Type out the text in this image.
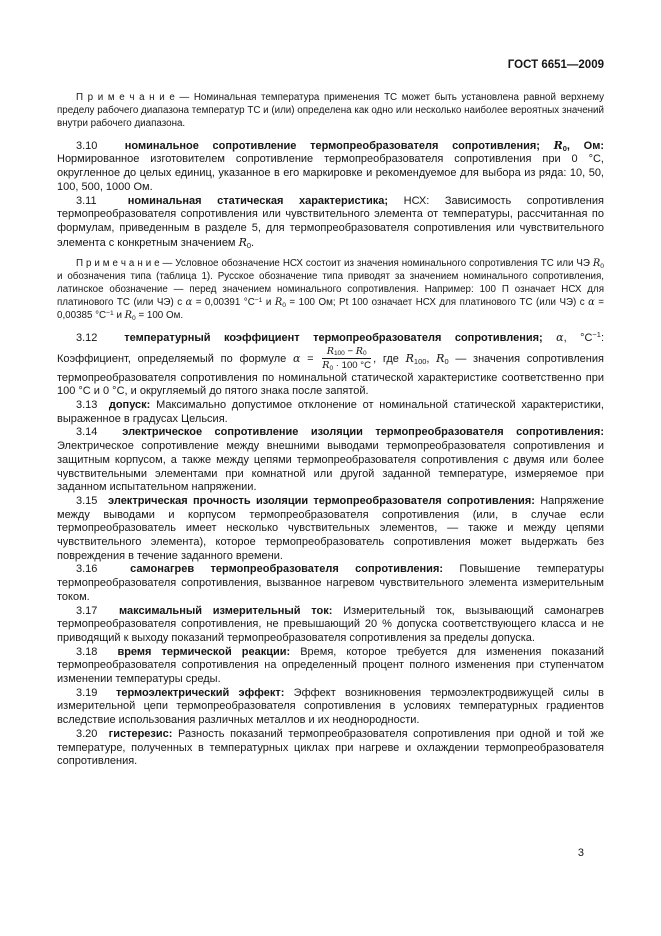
ГОСТ 6651—2009

П р и м е ч а н и е — Номинальная температура применения ТС может быть установлена равной верхнему пределу рабочего диапазона температур ТС и (или) определена как одно или несколько наиболее вероятных значений внутри рабочего диапазона.

3.10  номинальное сопротивление термопреобразователя сопротивления; $R_0$, Ом: Нормированное изготовителем сопротивление термопреобразователя сопротивления при 0 °С, округленное до целых единиц, указанное в его маркировке и рекомендуемое для выбора из ряда: 10, 50, 100, 500, 1000 Ом.

3.11  номинальная статическая характеристика; НСХ: Зависимость сопротивления термопреобразователя сопротивления или чувствительного элемента от температуры, рассчитанная по формулам, приведенным в разделе 5, для термопреобразователя сопротивления или чувствительного элемента с конкретным значением $R_0$.

П р и м е ч а н и е — Условное обозначение НСХ состоит из значения номинального сопротивления ТС или ЧЭ $R_0$ и обозначения типа (таблица 1). Русское обозначение типа приводят за значением номинального сопротивления, латинское обозначение — перед значением номинального сопротивления. Например: 100 П означает НСХ для платинового ТС (или ЧЭ) с α = 0,00391 $^\circ С^{-1}$ и $R_0 = 100$ Ом; Pt 100 означает НСХ для платинового ТС (или ЧЭ) с α = 0,00385 $^\circ С^{-1}$ и $R_0 = 100$ Ом.

3.12  температурный коэффициент термопреобразователя сопротивления; α, $^\circ С^{-1}$: Коэффициент, определяемый по формуле $\alpha = \frac{R_{100} - R_0}{R_0 \cdot 100 ^\circ С}$ , где $R_{100}$, $R_0$ — значения сопротивления термопреобразователя сопротивления по номинальной статической характеристике соответственно при 100 °С и 0 °С, и округляемый до пятого знака после запятой.

3.13  допуск: Максимально допустимое отклонение от номинальной статической характеристики, выраженное в градусах Цельсия.

3.14  электрическое сопротивление изоляции термопреобразователя сопротивления: Электрическое сопротивление между внешними выводами термопреобразователя сопротивления и защитным корпусом, а также между цепями термопреобразователя сопротивления с двумя или более чувствительными элементами при комнатной или другой заданной температуре, измеряемое при заданном испытательном напряжении.

3.15  электрическая прочность изоляции термопреобразователя сопротивления: Напряжение между выводами и корпусом термопреобразователя сопротивления (или, в случае если термопреобразователь имеет несколько чувствительных элементов, — также и между цепями чувствительного элемента), которое термопреобразователь сопротивления может выдержать без повреждения в течение заданного времени.

3.16  самонагрев термопреобразователя сопротивления: Повышение температуры термопреобразователя сопротивления, вызванное нагревом чувствительного элемента измерительным током.

3.17  максимальный измерительный ток: Измерительный ток, вызывающий самонагрев термопреобразователя сопротивления, не превышающий 20 % допуска соответствующего класса и не приводящий к выходу показаний термопреобразователя сопротивления за пределы допуска.

3.18  время термической реакции: Время, которое требуется для изменения показаний термопреобразователя сопротивления на определенный процент полного изменения при ступенчатом изменении температуры среды.

3.19  термоэлектрический эффект: Эффект возникновения термоэлектродвижущей силы в измерительной цепи термопреобразователя сопротивления в условиях температурных градиентов вследствие использования различных металлов и их неоднородности.

3.20  гистерезис: Разность показаний термопреобразователя сопротивления при одной и той же температуре, полученных в температурных циклах при нагреве и охлаждении термопреобразователя сопротивления.

3
